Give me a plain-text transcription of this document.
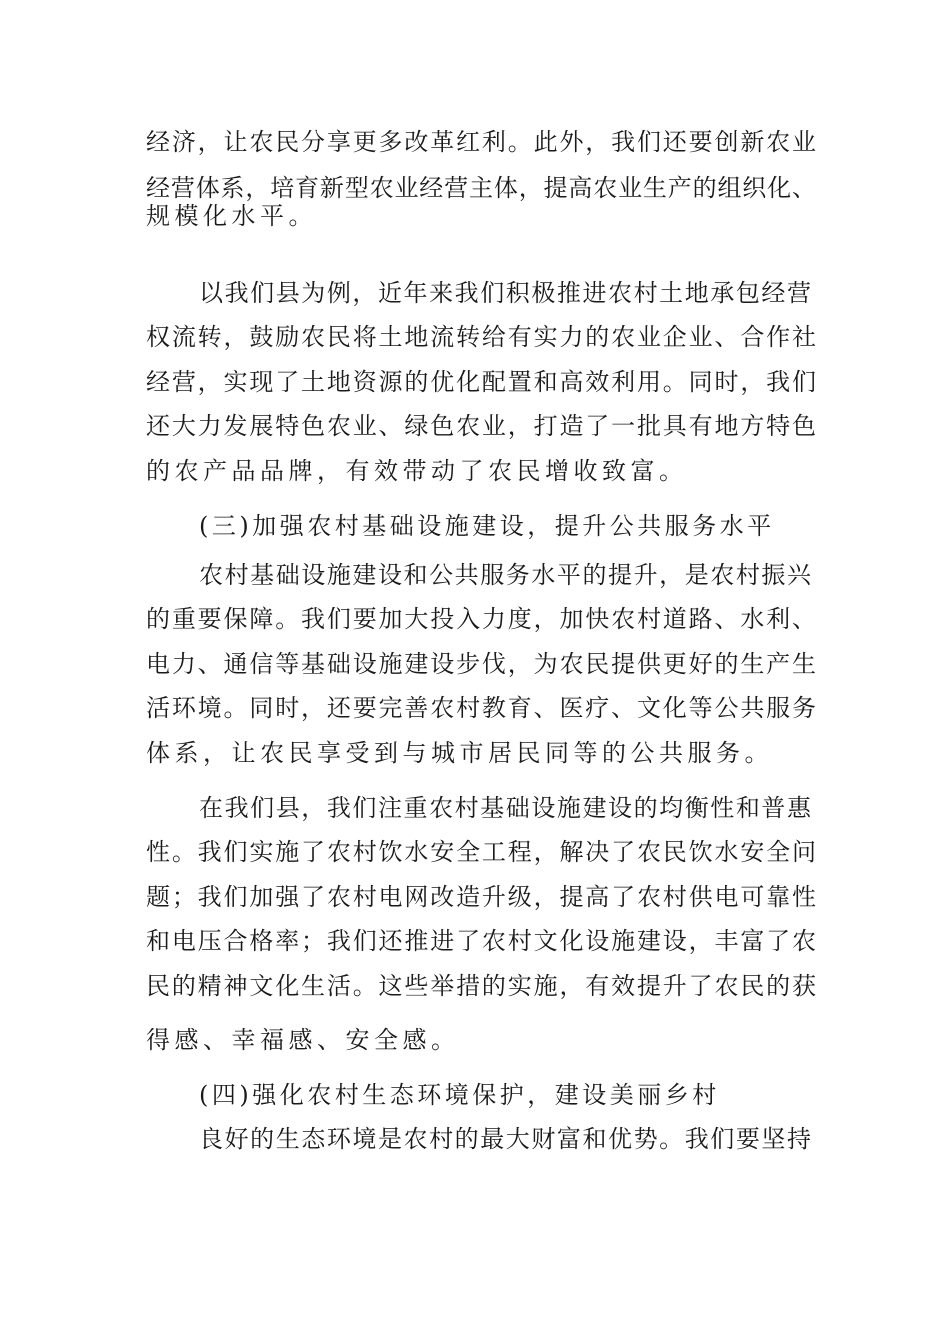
经济，让农民分享更多改革红利。此外，我们还要创新农业
经营体系，培育新型农业经营主体，提高农业生产的组织化、
规模化水平。
以我们县为例，近年来我们积极推进农村土地承包经营
权流转，鼓励农民将土地流转给有实力的农业企业、合作社
经营，实现了土地资源的优化配置和高效利用。同时，我们
还大力发展特色农业、绿色农业，打造了一批具有地方特色
的农产品品牌，有效带动了农民增收致富。
(三)加强农村基础设施建设，提升公共服务水平
农村基础设施建设和公共服务水平的提升，是农村振兴
的重要保障。我们要加大投入力度，加快农村道路、水利、
电力、通信等基础设施建设步伐，为农民提供更好的生产生
活环境。同时，还要完善农村教育、医疗、文化等公共服务
体系，让农民享受到与城市居民同等的公共服务。
在我们县，我们注重农村基础设施建设的均衡性和普惠
性。我们实施了农村饮水安全工程，解决了农民饮水安全问
题；我们加强了农村电网改造升级，提高了农村供电可靠性
和电压合格率；我们还推进了农村文化设施建设，丰富了农
民的精神文化生活。这些举措的实施，有效提升了农民的获
得感、幸福感、安全感。
(四)强化农村生态环境保护，建设美丽乡村
良好的生态环境是农村的最大财富和优势。我们要坚持
